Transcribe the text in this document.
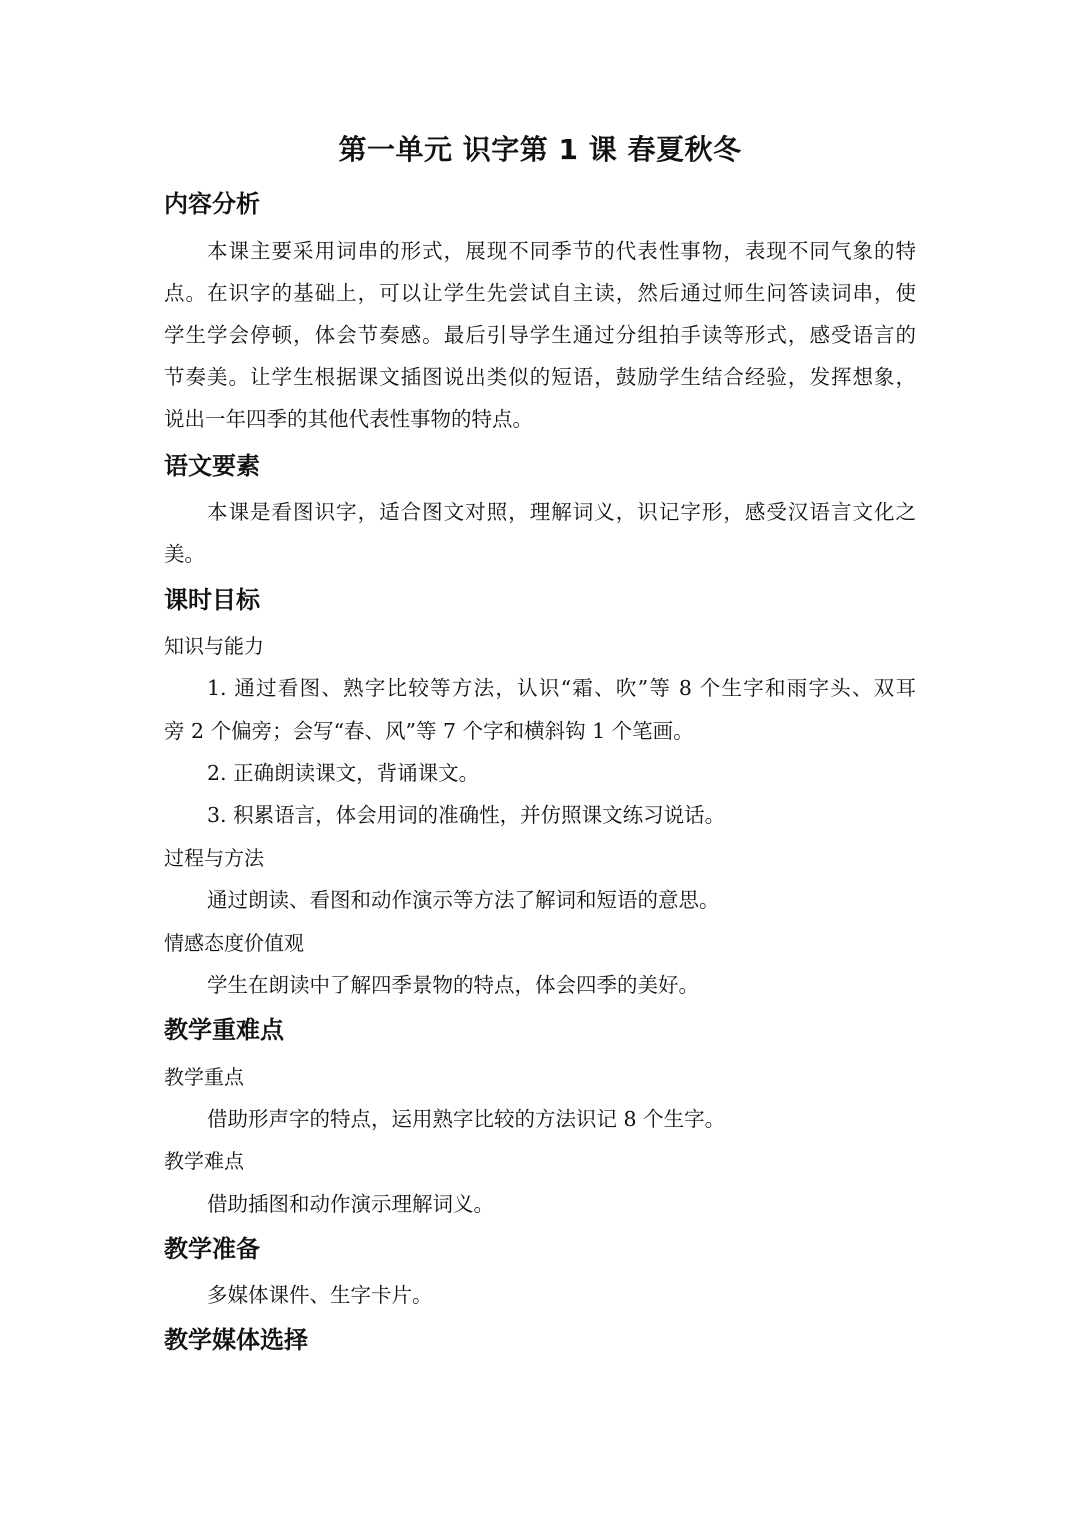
第一单元 识字第 1 课 春夏秋冬
内容分析
本课主要采用词串的形式，展现不同季节的代表性事物，表现不同气象的特
点。在识字的基础上，可以让学生先尝试自主读，然后通过师生问答读词串，使
学生学会停顿，体会节奏感。最后引导学生通过分组拍手读等形式，感受语言的
节奏美。让学生根据课文插图说出类似的短语，鼓励学生结合经验，发挥想象，
说出一年四季的其他代表性事物的特点。
语文要素
本课是看图识字，适合图文对照，理解词义，识记字形，感受汉语言文化之
美。
课时目标
知识与能力
1. 通过看图、熟字比较等方法，认识“霜、吹”等 8 个生字和雨字头、双耳
旁 2 个偏旁；会写“春、风”等 7 个字和横斜钩 1 个笔画。
2. 正确朗读课文，背诵课文。
3. 积累语言，体会用词的准确性，并仿照课文练习说话。
过程与方法
通过朗读、看图和动作演示等方法了解词和短语的意思。
情感态度价值观
学生在朗读中了解四季景物的特点，体会四季的美好。
教学重难点
教学重点
借助形声字的特点，运用熟字比较的方法识记 8 个生字。
教学难点
借助插图和动作演示理解词义。
教学准备
多媒体课件、生字卡片。
教学媒体选择
